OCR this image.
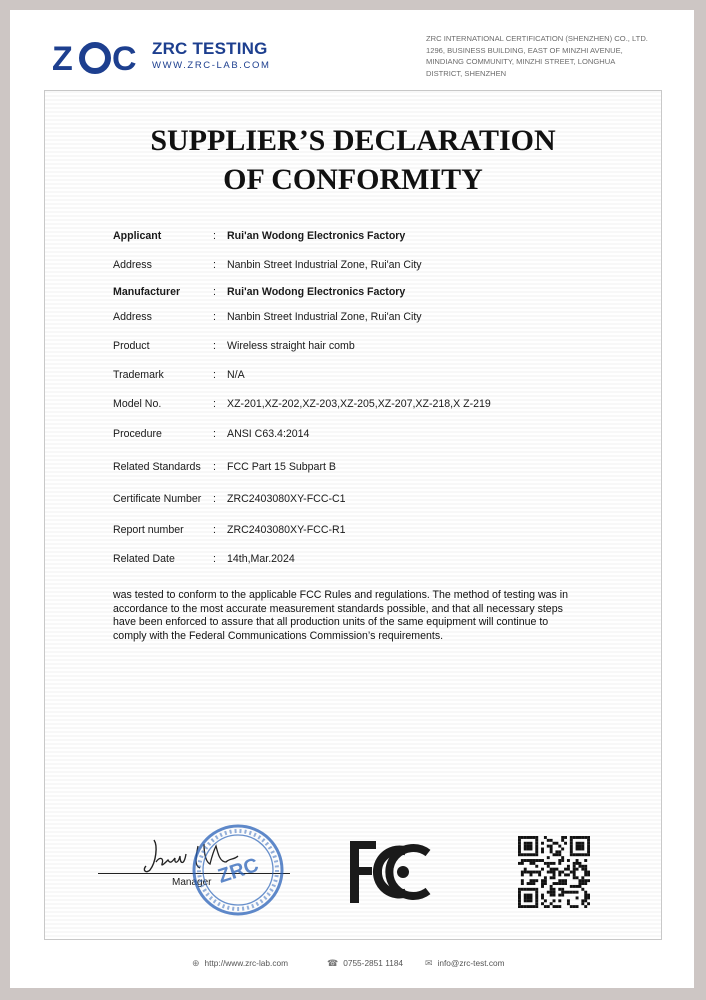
Z C ZRC TESTING
WWW.ZRC-LAB.COM
ZRC INTERNATIONAL CERTIFICATION (SHENZHEN) CO., LTD.
1296, BUSINESS BUILDING, EAST OF MINZHI AVENUE,
MINDIANG COMMUNITY, MINZHI STREET, LONGHUA
DISTRICT, SHENZHEN
SUPPLIER’S DECLARATION
OF CONFORMITY
Applicant	: Rui'an Wodong Electronics Factory
Address	: Nanbin Street Industrial Zone, Rui'an City
Manufacturer	: Rui'an Wodong Electronics Factory
Address	: Nanbin Street Industrial Zone, Rui'an City
Product	: Wireless straight hair comb
Trademark	: N/A
Model No.	: XZ-201,XZ-202,XZ-203,XZ-205,XZ-207,XZ-218,X Z-219
Procedure	: ANSI C63.4:2014
Related Standards : FCC Part 15 Subpart B
Certificate Number : ZRC2403080XY-FCC-C1
Report number	: ZRC2403080XY-FCC-R1
Related Date	: 14th,Mar.2024
was tested to conform to the applicable FCC Rules and regulations. The method of testing was in
accordance to the most accurate measurement standards possible, and that all necessary steps
have been enforced to assure that all production units of the same equipment will continue to
comply with the Federal Communications Commission’s requirements.
Manager ZRC
⊕ http://www.zrc-lab.com	☎ 0755-2851 1184 ✉ info@zrc-test.com
